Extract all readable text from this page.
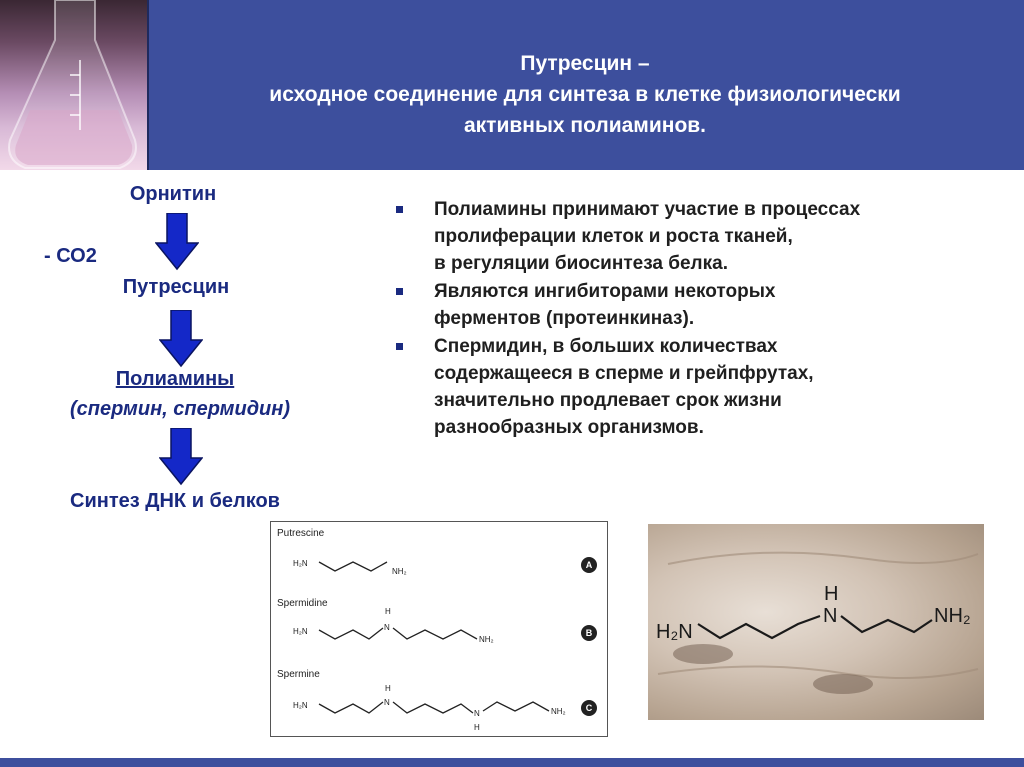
Путресцин –
исходное соединение для синтеза в клетке физиологически
активных полиаминов.
Орнитин
- СО2
Путресцин
Полиамины
(спермин, спермидин)
Синтез ДНК и белков
Полиамины принимают участие в процессах
пролиферации клеток и роста тканей,
в регуляции биосинтеза белка.
Являются ингибиторами некоторых
ферментов (протеинкиназ).
Спермидин, в больших количествах
содержащееся в сперме и грейпфрутах,
значительно продлевает срок жизни
разнообразных организмов.
Putrescine
H₂N
NH₂
A
Spermidine
H
H₂N	N
NH₂
B
Spermine
H
H₂N	N
N
H
NH₂ C
H₂N
H
N	NH₂
